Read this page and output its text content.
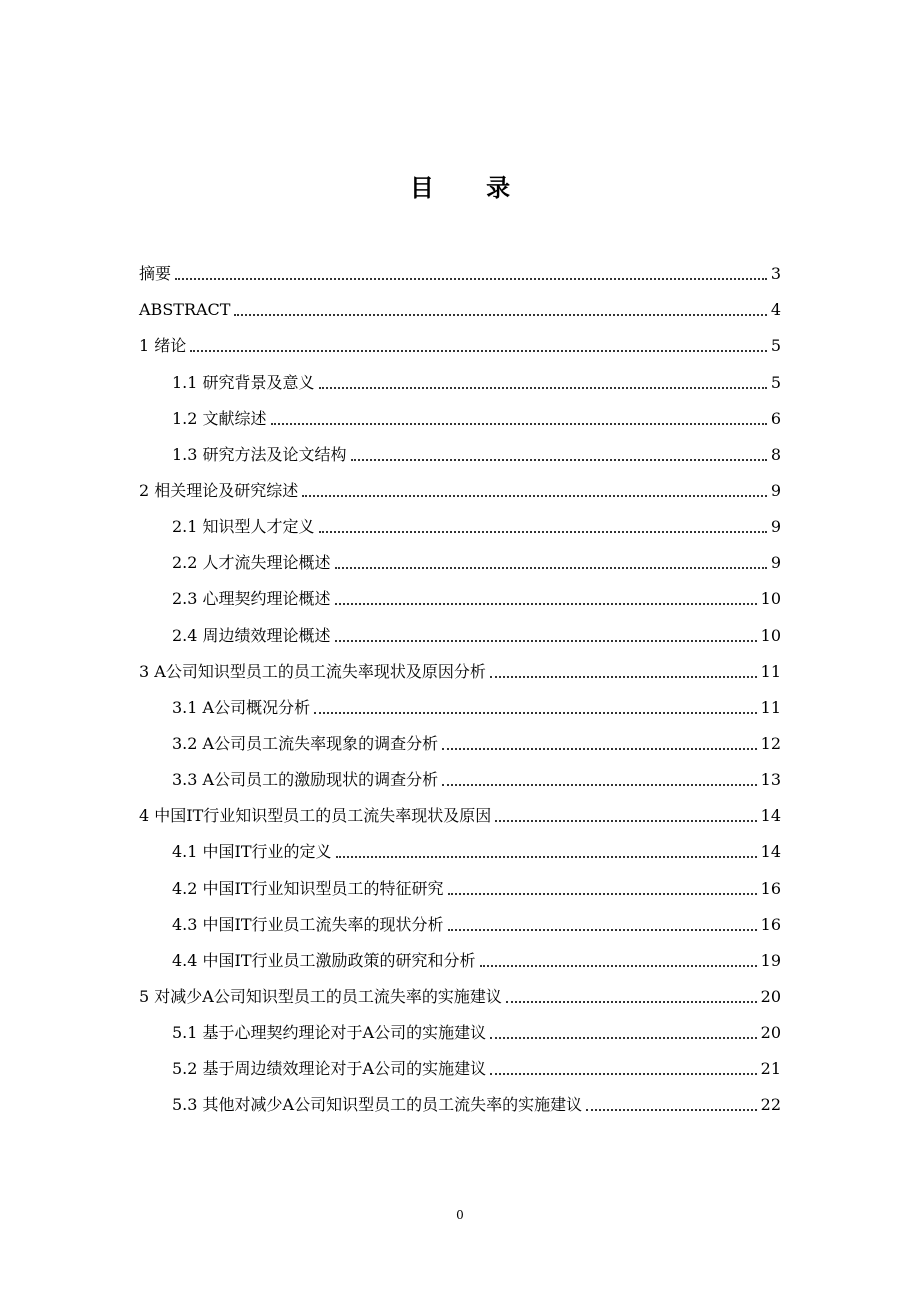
目 录
摘要	3
ABSTRACT	4
1 绪论	5
1.1 研究背景及意义	5
1.2 文献综述	6
1.3 研究方法及论文结构	8
2 相关理论及研究综述	9
2.1 知识型人才定义	9
2.2 人才流失理论概述	9
2.3 心理契约理论概述	10
2.4 周边绩效理论概述	10
3 A公司知识型员工的员工流失率现状及原因分析	11
3.1 A公司概况分析	11
3.2 A公司员工流失率现象的调查分析	12
3.3 A公司员工的激励现状的调查分析	13
4 中国IT行业知识型员工的员工流失率现状及原因	14
4.1 中国IT行业的定义	14
4.2 中国IT行业知识型员工的特征研究	16
4.3 中国IT行业员工流失率的现状分析	16
4.4 中国IT行业员工激励政策的研究和分析	19
5 对减少A公司知识型员工的员工流失率的实施建议	20
5.1 基于心理契约理论对于A公司的实施建议	20
5.2 基于周边绩效理论对于A公司的实施建议	21
5.3 其他对减少A公司知识型员工的员工流失率的实施建议	22

0
